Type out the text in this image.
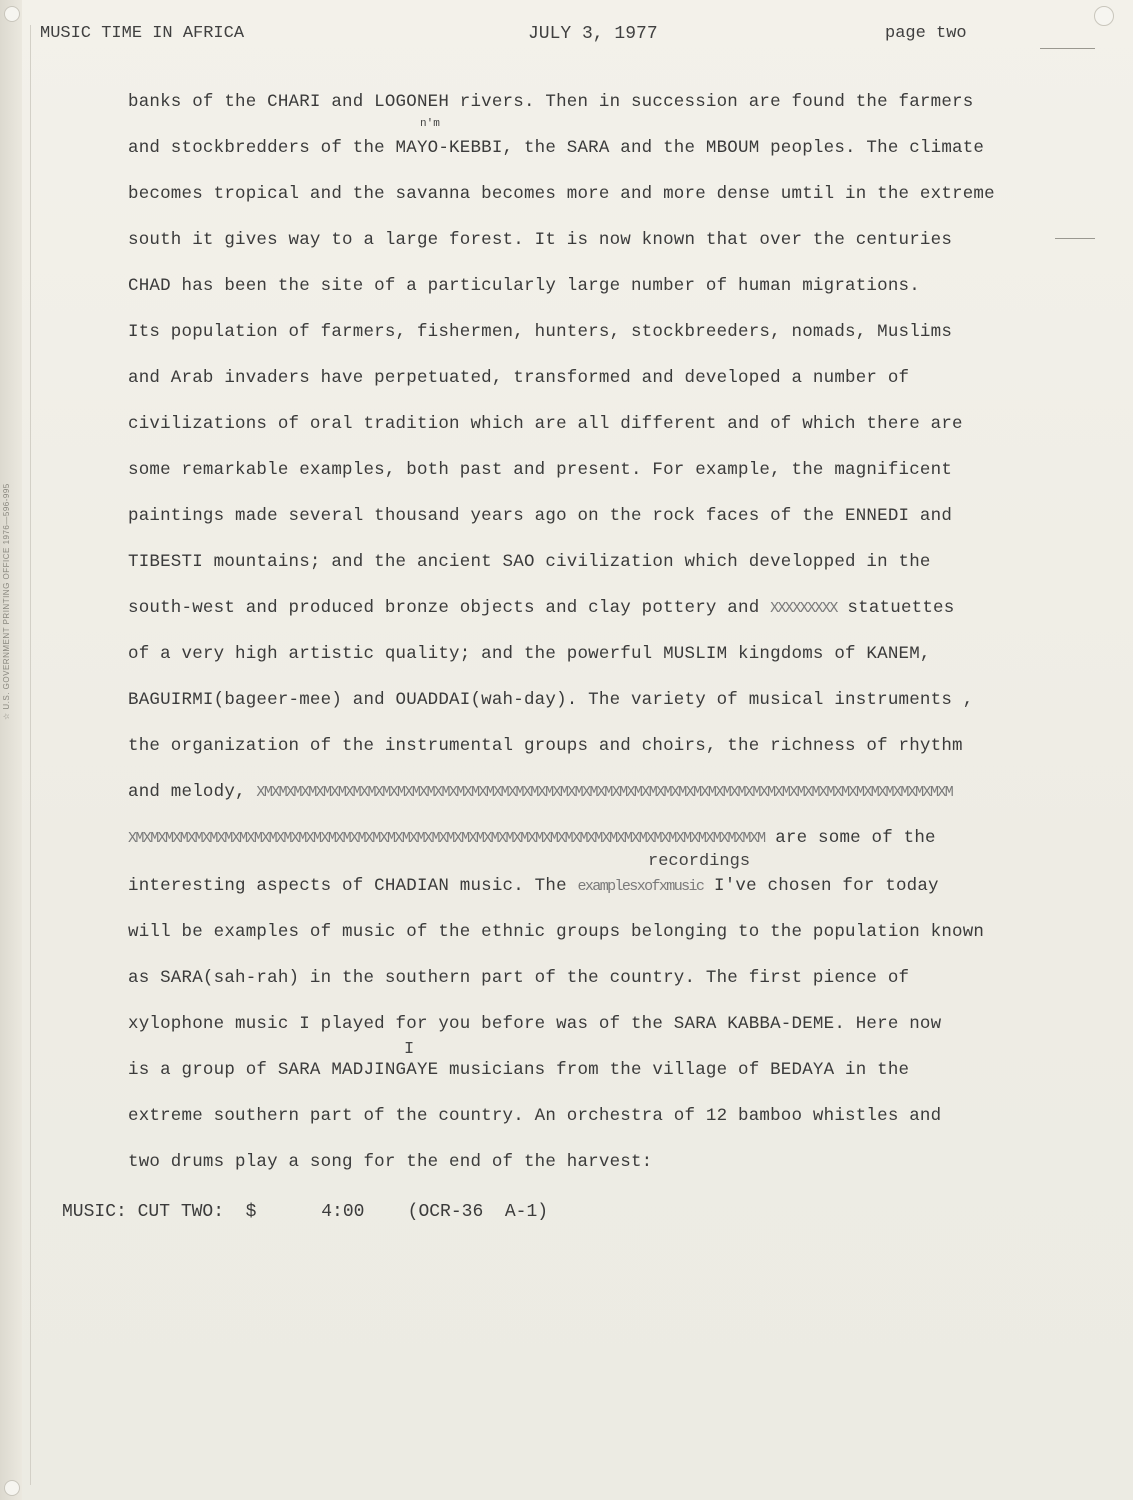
☆ U.S. GOVERNMENT PRINTING OFFICE 1976—596-995
MUSIC TIME IN AFRICA	JULY 3, 1977	page two
banks of the CHARI and LOGONEH rivers. Then in succession are found the farmers
n'm
and stockbredders of the MAYO-KEBBI, the SARA and the MBOUM peoples. The climate
becomes tropical and the savanna becomes more and more dense umtil in the extreme
south it gives way to a large forest. It is now known that over the centuries
CHAD has been the site of a particularly large number of human migrations.
Its population of farmers, fishermen, hunters, stockbreeders, nomads, Muslims
and Arab invaders have perpetuated, transformed and developed a number of
civilizations of oral tradition which are all different and of which there are
some remarkable examples, both past and present. For example, the magnificent
paintings made several thousand years ago on the rock faces of the ENNEDI and
TIBESTI mountains; and the ancient SAO civilization which developped in the
south-west and produced bronze objects and clay pottery and XXXXXXXXX statuettes
of a very high artistic quality; and the powerful MUSLIM kingdoms of KANEM,
BAGUIRMI(bageer-mee) and OUADDAI(wah-day). The variety of musical instruments ,
the organization of the instrumental groups and choirs, the richness of rhythm
and melody, XMXMXMXMXMXMXMXMXMXMXMXMXMXMXMXMXMXMXMXMXMXMXMXMXMXMXMXMXMXMXMXMXMXMXMXMXMXMXMXMXMXMXMXMXMXMXM
XMXMXMXMXMXMXMXMXMXMXMXMXMXMXMXMXMXMXMXMXMXMXMXMXMXMXMXMXMXMXMXMXMXMXMXMXMXMXMXMXMXMXM are some of the
recordings
interesting aspects of CHADIAN music. The examplesxofxmusic I've chosen for today
will be examples of music of the ethnic groups belonging to the population known
as SARA(sah-rah) in the southern part of the country. The first pience of
xylophone music I played for you before was of the SARA KABBA-DEME. Here now
I
is a group of SARA MADJINGAYE musicians from the village of BEDAYA in the
extreme southern part of the country. An orchestra of 12 bamboo whistles and
two drums play a song for the end of the harvest:
MUSIC: CUT TWO:  $      4:00    (OCR-36  A-1)
